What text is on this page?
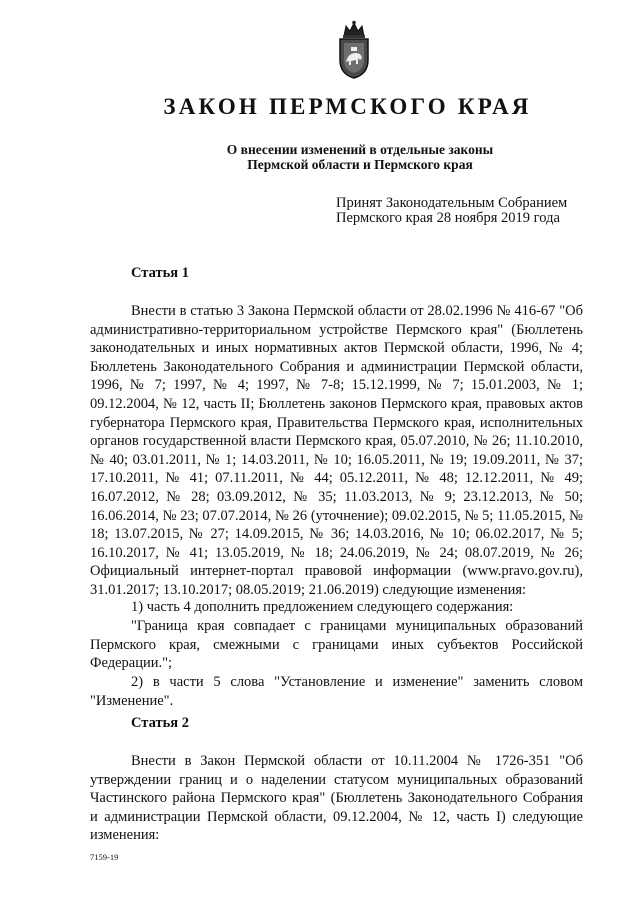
ЗАКОН ПЕРМСКОГО КРАЯ
О внесении изменений в отдельные законы
Пермской области и Пермского края
Принят Законодательным Собранием
Пермского края 28 ноября 2019 года
Статья 1

Внести в статью 3 Закона Пермской области от 28.02.1996 № 416-67 "Об административно-территориальном устройстве Пермского края" (Бюллетень законодательных и иных нормативных актов Пермской области, 1996, № 4; Бюллетень Законодательного Собрания и администрации Пермской области, 1996, № 7; 1997, № 4; 1997, № 7-8; 15.12.1999, № 7; 15.01.2003, № 1; 09.12.2004, № 12, часть II; Бюллетень законов Пермского края, правовых актов губернатора Пермского края, Правительства Пермского края, исполнительных органов государственной власти Пермского края, 05.07.2010, № 26; 11.10.2010, № 40; 03.01.2011, № 1; 14.03.2011, № 10; 16.05.2011, № 19; 19.09.2011, № 37; 17.10.2011, № 41; 07.11.2011, № 44; 05.12.2011, № 48; 12.12.2011, № 49; 16.07.2012, № 28; 03.09.2012, № 35; 11.03.2013, № 9; 23.12.2013, № 50; 16.06.2014, № 23; 07.07.2014, № 26 (уточнение); 09.02.2015, № 5; 11.05.2015, № 18; 13.07.2015, № 27; 14.09.2015, № 36; 14.03.2016, № 10; 06.02.2017, № 5; 16.10.2017, № 41; 13.05.2019, № 18; 24.06.2019, № 24; 08.07.2019, № 26; Официальный интернет-портал правовой информации (www.pravo.gov.ru), 31.01.2017; 13.10.2017; 08.05.2019; 21.06.2019) следующие изменения:

1) часть 4 дополнить предложением следующего содержания:

"Граница края совпадает с границами муниципальных образований Пермского края, смежными с границами иных субъектов Российской Федерации.";

2) в части 5 слова "Установление и изменение" заменить словом "Изменение".

Статья 2

Внести в Закон Пермской области от 10.11.2004 № 1726-351 "Об утверждении границ и о наделении статусом муниципальных образований Частинского района Пермского края" (Бюллетень Законодательного Собрания и администрации Пермской области, 09.12.2004, № 12, часть I) следующие изменения:

7159-19
